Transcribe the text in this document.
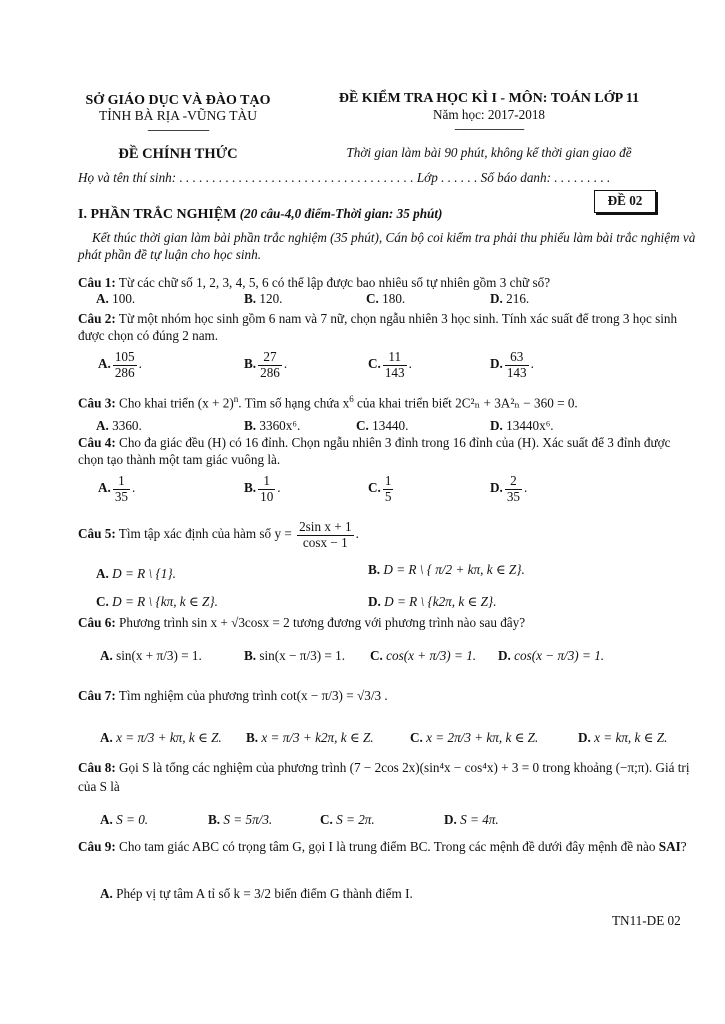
SỞ GIÁO DỤC VÀ ĐÀO TẠO
TỈNH BÀ RỊA -VŨNG TÀU
-----------------------
ĐỀ CHÍNH THỨC
ĐỀ KIỂM TRA HỌC KÌ I - MÔN: TOÁN LỚP 11
Năm học: 2017-2018
--------------------------
Thời gian làm bài 90 phút, không kể thời gian giao đề
Họ và tên thí sinh: . . . . . . . . . . . . . . . . . . . . . . . . . . . . . . . . . . . . Lớp . . . . . . Số báo danh: . . . . . . . . .
ĐỀ 02
I. PHẦN TRẮC NGHIỆM (20 câu-4,0 điểm-Thời gian: 35 phút)
Kết thúc thời gian làm bài phần trắc nghiệm (35 phút), Cán bộ coi kiểm tra phải thu phiếu làm bài trắc nghiệm và phát phần đề tự luận cho học sinh.
Câu 1: Từ các chữ số 1, 2, 3, 4, 5, 6 có thể lập được bao nhiêu số tự nhiên gồm 3 chữ số?
A. 100.	B. 120.	C. 180.	D. 216.
Câu 2: Từ một nhóm học sinh gồm 6 nam và 7 nữ, chọn ngẫu nhiên 3 học sinh. Tính xác suất để trong 3 học sinh được chọn có đúng 2 nam.
A. $\frac{105}{286}$ .	B. $\frac{27}{286}$ .	C. $\frac{11}{143}$ .	D. $\frac{63}{143}$ .
Câu 3: Cho khai triển $(x + 2)^n$. Tìm số hạng chứa $x^6$ của khai triển biết 2C²ₙ + 3A²ₙ − 360 = 0.
A. 3360.	B. 3360x⁶.	C. 13440.	D. 13440x⁶.
Câu 4: Cho đa giác đều (H) có 16 đỉnh. Chọn ngẫu nhiên 3 đỉnh trong 16 đỉnh của (H). Xác suất để 3 đỉnh được chọn tạo thành một tam giác vuông là.
A. $\frac{1}{35}$ .	B. $\frac{1}{10}$ .	C. $\frac{1}{5}$	D. $\frac{2}{35}$ .
Câu 5: Tìm tập xác định của hàm số $y = \frac{\text{2sin x + 1}}{\cos x - 1}$ .
A. D = R \ {1}.	B. D = R \ { π/2 + kπ, k ∈ Z}.
C. D = R \ {kπ, k ∈ Z}.	D. D = R \ {k2π, k ∈ Z}.
Câu 6: Phương trình sin x + √3cosx = 2 tương đương với phương trình nào sau đây?
A. sin(x + π/3) = 1.	B. sin(x − π/3) = 1. C. cos(x + π/3) = 1. D. cos(x − π/3) = 1.
Câu 7: Tìm nghiệm của phương trình cot(x − π/3) = √3/3 .
A. x = π/3 + kπ, k ∈ Z. B. x = π/3 + k2π, k ∈ Z.	C. x = 2π/3 + kπ, k ∈ Z.	D. x = kπ, k ∈ Z.
Câu 8: Gọi S là tổng các nghiệm của phương trình (7 − 2cos 2x)(sin⁴x − cos⁴x) + 3 = 0 trong khoảng (−π;π). Giá trị của S là
A. S = 0.	B. S = 5π/3.	C. S = 2π.	D. S = 4π.
Câu 9: Cho tam giác ABC có trọng tâm G, gọi I là trung điểm BC. Trong các mệnh đề dưới đây mệnh đề nào SAI?
A. Phép vị tự tâm A tỉ số k = 3/2 biến điểm G thành điểm I.
TN11-DE 02
